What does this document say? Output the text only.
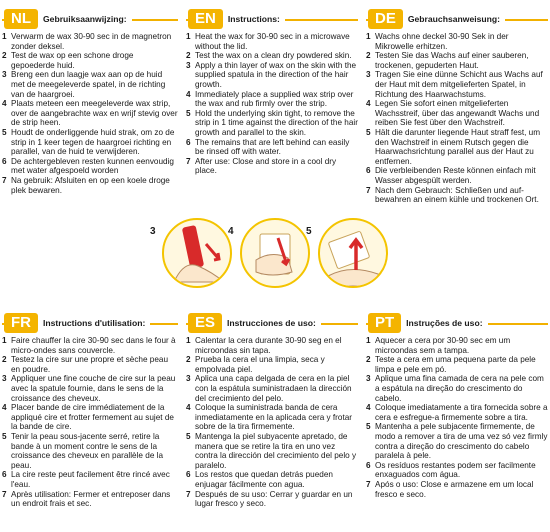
NL	Gebruiksaanwijzing:
1 Verwarm de wax 30-90 sec in de magnetron zonder deksel.
2 Test de wax op een schone droge gepoederde huid.
3 Breng een dun laagje wax aan op de huid met de meegeleverde spatel, in de richting van de haargroei.
4 Plaats meteen een meegeleverde wax strip, over de aangebrachte wax en wrijf stevig over de strip heen.
5 Houdt de onderliggende huid strak, om zo de strip in 1 keer tegen de haargroei richting en parallel, van de huid te verwijderen.
6 De achtergebleven resten kunnen eenvoudig met water afgespoeld worden
7 Na gebruik: Afsluiten en op een koele droge plek bewaren.
EN	Instructions:
1 Heat the wax for 30-90 sec in a microwave without the lid.
2 Test the wax on a clean dry powdered skin.
3 Apply a thin layer of wax on the skin with the supplied spatula in the direction of the hair growth.
4 Immediately place a supplied wax strip over the wax and rub firmly over the strip.
5 Hold the underlying skin tight, to remove the strip in 1 time against the direction of the hair growth and parallel to the skin.
6 The remains that are left behind can easily be rinsed off with water.
7 After use: Close and store in a cool dry place.
DE	Gebrauchsanweisung:
1 Wachs ohne deckel 30-90 Sek in der Mikrowelle erhitzen.
2 Testen Sie das Wachs auf einer sauberen, trockenen, gepuderten Haut.
3 Tragen Sie eine dünne Schicht aus Wachs auf der Haut mit dem mitgelieferten Spatel, in Richtung des Haarwachstums.
4 Legen Sie sofort einen mitgelieferten Wachsstreif, über das angewandt Wachs und reiben Sie fest über den Wachstreif.
5 Hält die darunter liegende Haut straff fest, um den Wachstreif in einem Rutsch gegen die Haarwachsrichtung parallel aus der Haut zu entfernen.
6 Die verbleibenden Reste können einfach mit Wasser abgespült werden.
7 Nach dem Gebrauch: Schließen und auf-bewahren an einem kühle und trockenen Ort.
3	4	5
FR	Instructions d'utilisation:
1 Faire chauffer la cire 30-90 sec dans le four à micro-ondes sans couvercle.
2 Testez la cire sur une propre et sèche peau en poudre.
3 Appliquer une fine couche de cire sur la peau avec la spatule fournie, dans le sens de la croissance des cheveux.
4 Placer bande de cire immédiatement de la appliqué cire et frotter fermement au sujet de la bande de cire.
5 Tenir la peau sous-jacente serré, retire la bande à un moment contre le sens de la croissance des cheveux en parallèle de la peau.
6 La cire reste peut facilement être rincé avec l'eau.
7 Après utilisation: Fermer et entreposer dans un endroit frais et sec.
ES	Instrucciones de uso:
1 Calentar la cera durante 30-90 seg en el microondas sin tapa.
2 Prueba la cera el una limpia, seca y empolvada piel.
3 Aplica una capa delgada de cera en la piel con la espátula suministradaen la dirección del crecimiento del pelo.
4 Coloque la suministrada banda de cera inmediatamente en la aplicada cera y frotar sobre de la tira firmemente.
5 Mantenga la piel subyacente apretado, de manera que se retire la tira en uno vez contra la dirección del crecimiento del pelo y paralelo.
6 Los restos que quedan detrás pueden enjuagar fácilmente con agua.
7 Después de su uso: Cerrar y guardar en un lugar fresco y seco.
PT	Instruções de uso:
1 Aquecer a cera por 30-90 sec em um microondas sem a tampa.
2 Teste a cera em uma pequena parte da pele limpa e pele em pó.
3 Aplique uma fina camada de cera na pele com a espátula na direção do crescimento do cabelo.
4 Coloque imediatamente a tira fornecida sobre a cera e esfregue-a firmemente sobre a tira.
5 Mantenha a pele subjacente firmemente, de modo a remover a tira de uma vez só vez firmly contra a direção do crescimento do cabelo paralela à pele.
6 Os resíduos restantes podem ser facilmente enxaguados com água.
7 Após o uso: Close e armazene em um local fresco e seco.
